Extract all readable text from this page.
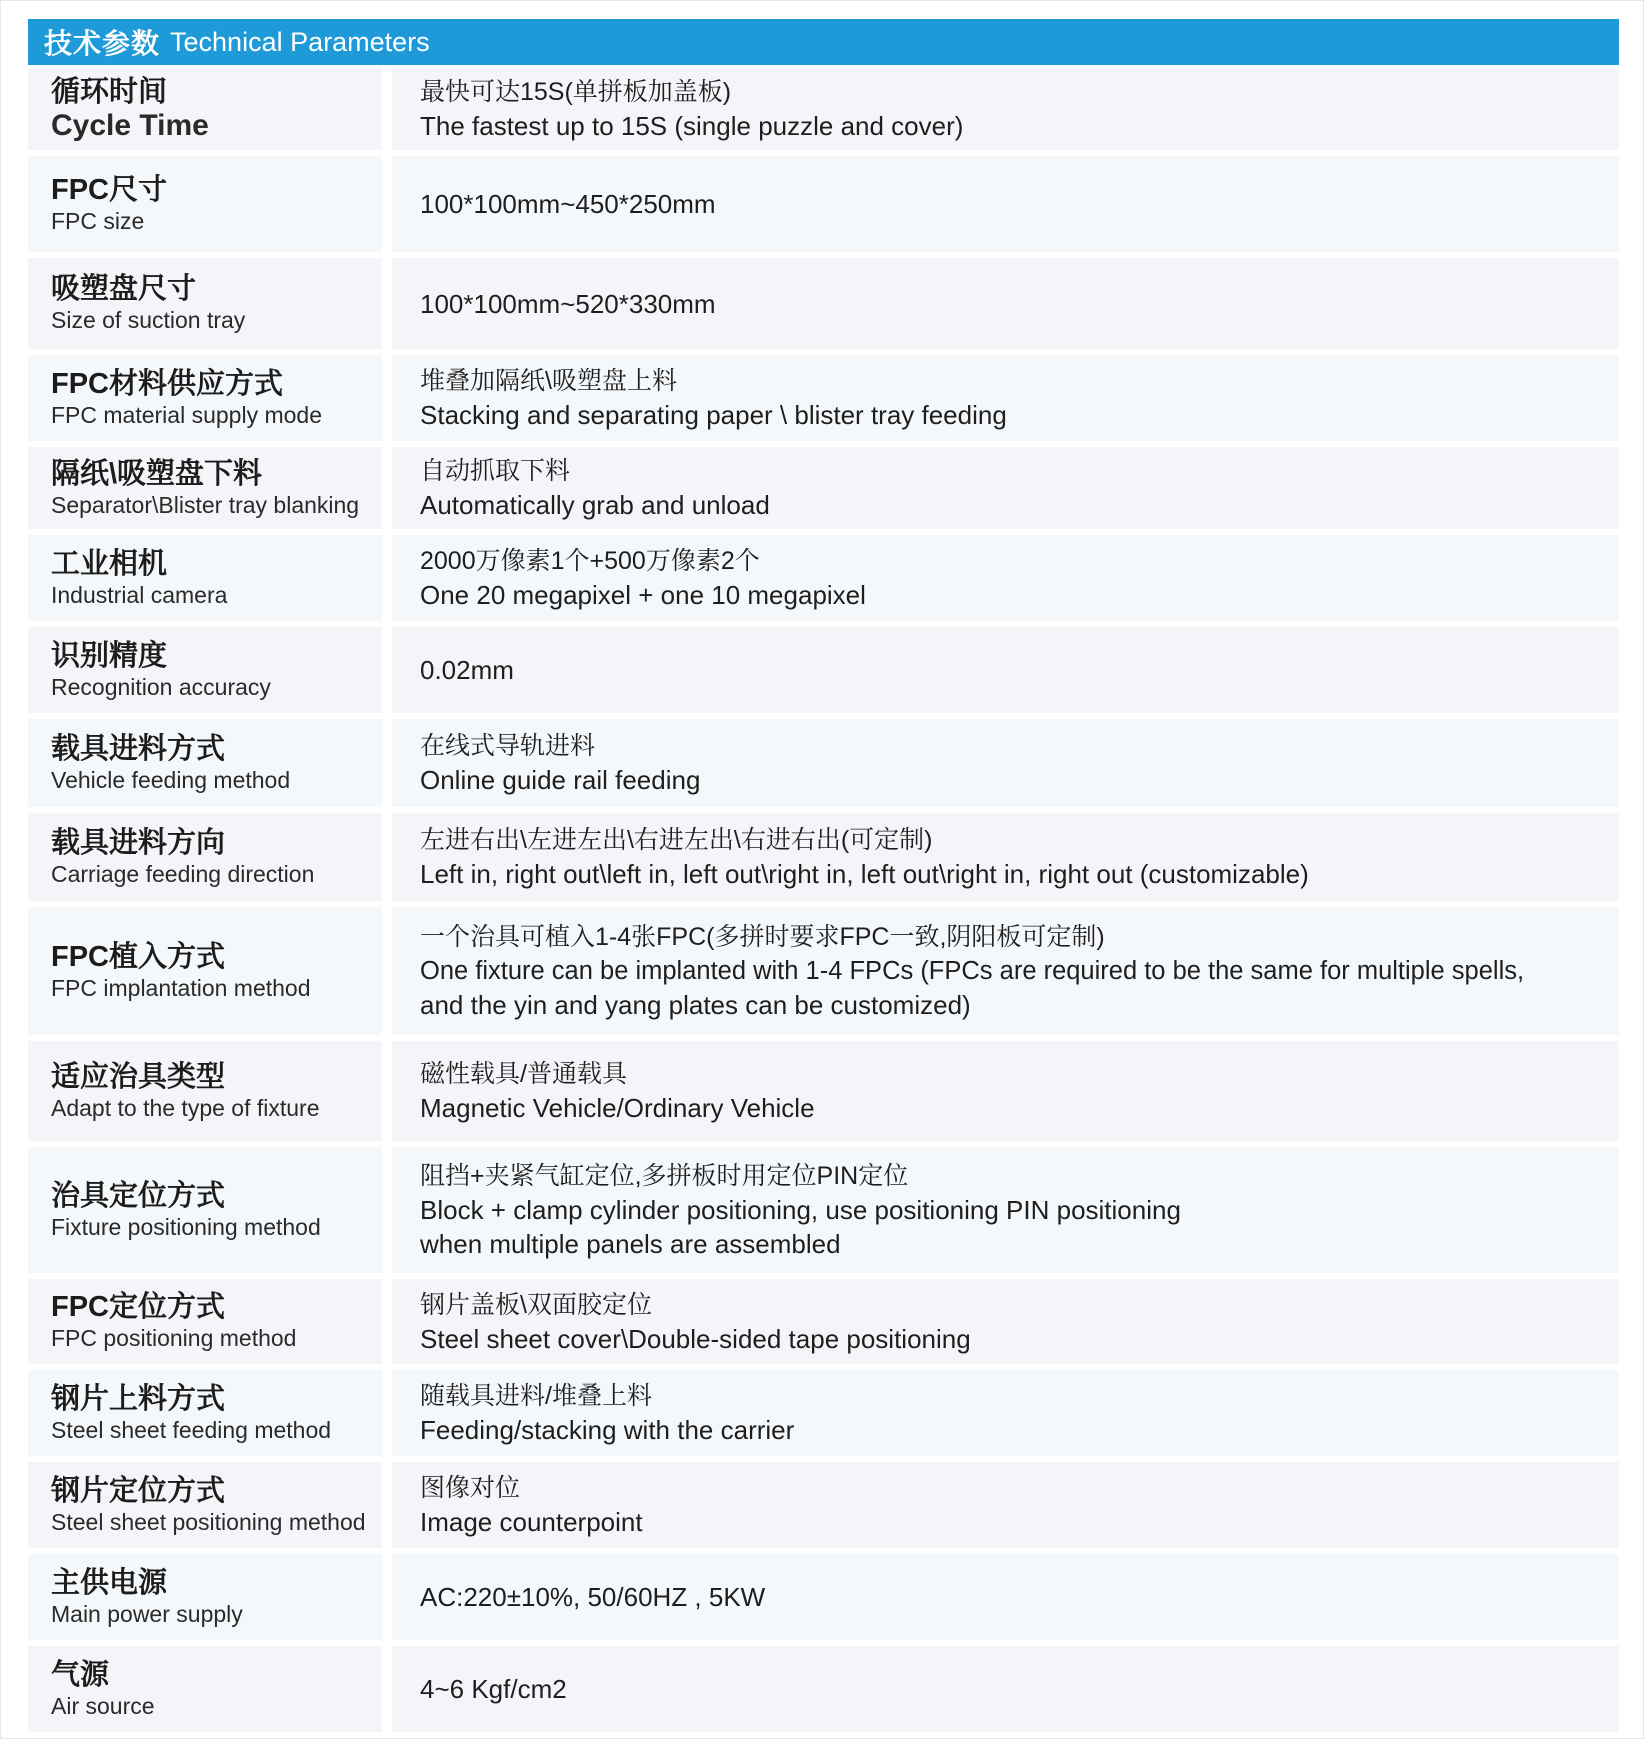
技术参数 Technical Parameters
循环时间
Cycle Time
最快可达15S(单拼板加盖板)
The fastest up to 15S (single puzzle and cover)
FPC尺寸
FPC size
100*100mm~450*250mm
吸塑盘尺寸
Size of suction tray
100*100mm~520*330mm
FPC材料供应方式
FPC material supply mode
堆叠加隔纸\吸塑盘上料
Stacking and separating paper \ blister tray feeding
隔纸\吸塑盘下料
Separator\Blister tray blanking
自动抓取下料
Automatically grab and unload
工业相机
Industrial camera
2000万像素1个+500万像素2个
One 20 megapixel + one 10 megapixel
识别精度
Recognition accuracy
0.02mm
载具进料方式
Vehicle feeding method
在线式导轨进料
Online guide rail feeding
载具进料方向
Carriage feeding direction
左进右出\左进左出\右进左出\右进右出(可定制)
Left in, right out\left in, left out\right in, left out\right in, right out (customizable)
FPC植入方式
FPC implantation method
一个治具可植入1-4张FPC(多拼时要求FPC一致,阴阳板可定制)
One fixture can be implanted with 1-4 FPCs (FPCs are required to be the same for multiple spells,
and the yin and yang plates can be customized)
适应治具类型
Adapt to the type of fixture
磁性载具/普通载具
Magnetic Vehicle/Ordinary Vehicle
治具定位方式
Fixture positioning method
阻挡+夹紧气缸定位,多拼板时用定位PIN定位
Block + clamp cylinder positioning, use positioning PIN positioning
when multiple panels are assembled
FPC定位方式
FPC positioning method
钢片盖板\双面胶定位
Steel sheet cover\Double-sided tape positioning
钢片上料方式
Steel sheet feeding method
随载具进料/堆叠上料
Feeding/stacking with the carrier
钢片定位方式
Steel sheet positioning method
图像对位
Image counterpoint
主供电源
Main power supply
AC:220±10%, 50/60HZ , 5KW
气源
Air source
4~6 Kgf/cm2
